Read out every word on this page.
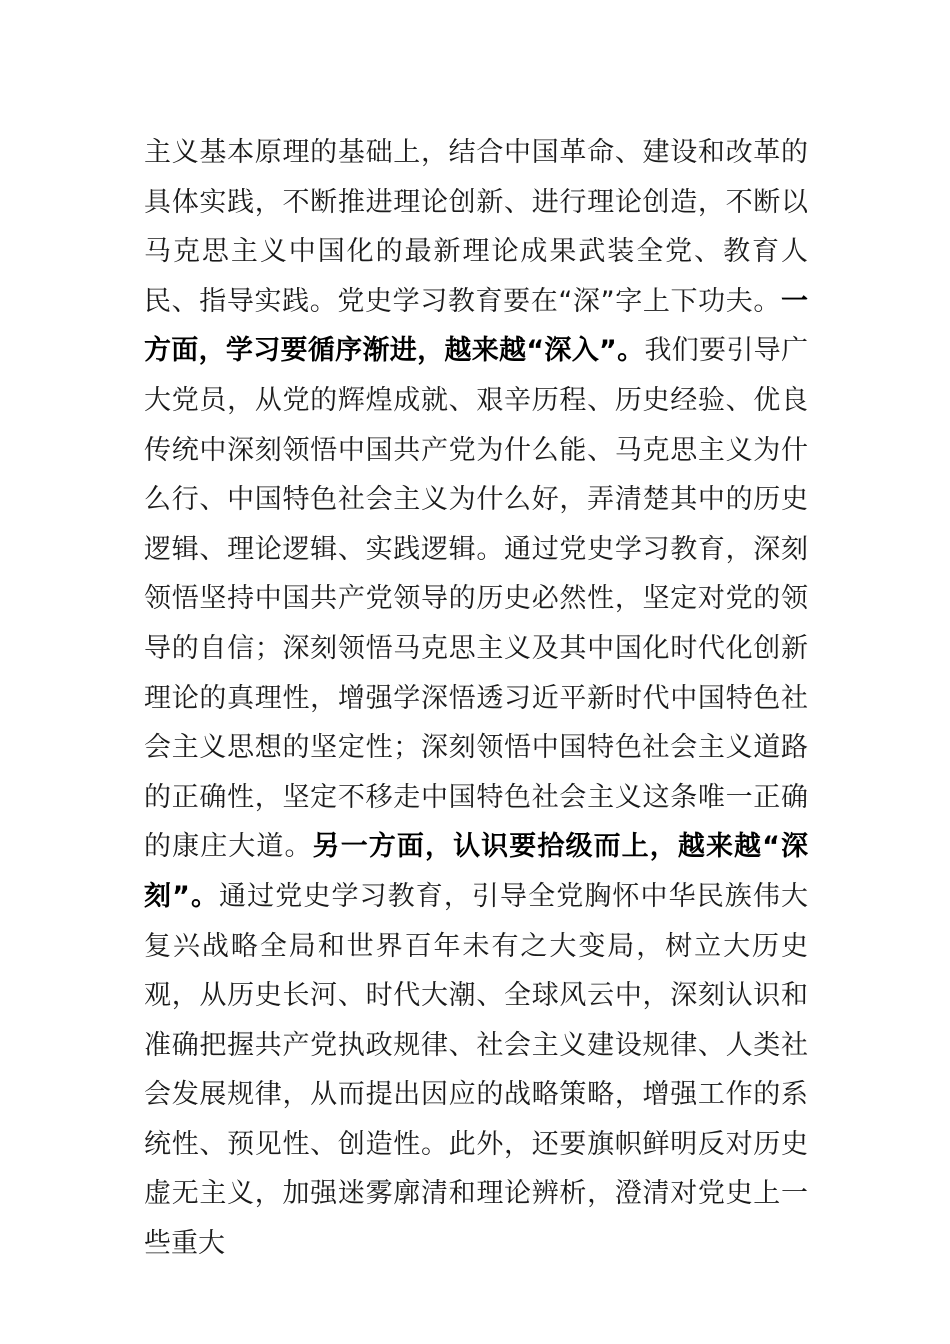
主义基本原理的基础上，结合中国革命、建设和改革的具体实践，不断推进理论创新、进行理论创造，不断以马克思主义中国化的最新理论成果武装全党、教育人民、指导实践。党史学习教育要在“深”字上下功夫。一方面，学习要循序渐进，越来越“深入”。我们要引导广大党员，从党的辉煌成就、艰辛历程、历史经验、优良传统中深刻领悟中国共产党为什么能、马克思主义为什么行、中国特色社会主义为什么好，弄清楚其中的历史逻辑、理论逻辑、实践逻辑。通过党史学习教育，深刻领悟坚持中国共产党领导的历史必然性，坚定对党的领导的自信；深刻领悟马克思主义及其中国化时代化创新理论的真理性，增强学深悟透习近平新时代中国特色社会主义思想的坚定性；深刻领悟中国特色社会主义道路的正确性，坚定不移走中国特色社会主义这条唯一正确的康庄大道。另一方面，认识要拾级而上，越来越“深刻”。通过党史学习教育，引导全党胸怀中华民族伟大复兴战略全局和世界百年未有之大变局，树立大历史观，从历史长河、时代大潮、全球风云中，深刻认识和准确把握共产党执政规律、社会主义建设规律、人类社会发展规律，从而提出因应的战略策略，增强工作的系统性、预见性、创造性。此外，还要旗帜鲜明反对历史虚无主义，加强迷雾廓清和理论辨析，澄清对党史上一些重大
